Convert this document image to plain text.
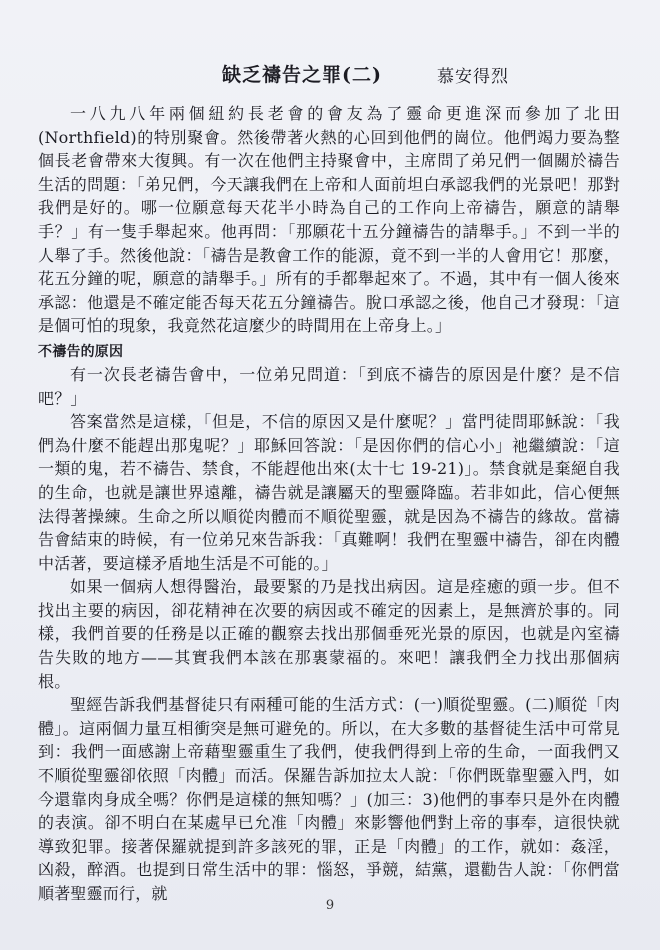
缺乏禱告之罪(二)	慕安得烈

一八九八年兩個紐約長老會的會友為了靈命更進深而參加了北田(Northfield)的特別聚會。然後帶著火熱的心回到他們的崗位。他們竭力要為整個長老會帶來大復興。有一次在他們主持聚會中，主席問了弟兄們一個關於禱告生活的問題：「弟兄們，今天讓我們在上帝和人面前坦白承認我們的光景吧！那對我們是好的。哪一位願意每天花半小時為自己的工作向上帝禱告，願意的請舉手？」有一隻手舉起來。他再問：「那願花十五分鐘禱告的請舉手。」不到一半的人舉了手。然後他說：「禱告是教會工作的能源，竟不到一半的人會用它！那麼，花五分鐘的呢，願意的請舉手。」所有的手都舉起來了。不過，其中有一個人後來承認：他還是不確定能否每天花五分鐘禱告。脫口承認之後，他自己才發現：「這是個可怕的現象，我竟然花這麼少的時間用在上帝身上。」

不禱告的原因

有一次長老禱告會中，一位弟兄問道：「到底不禱告的原因是什麼？是不信吧？」

答案當然是這樣，「但是，不信的原因又是什麼呢？」當門徒問耶穌說：「我們為什麼不能趕出那鬼呢？」耶穌回答說：「是因你們的信心小」祂繼續說：「這一類的鬼，若不禱告、禁食，不能趕他出來(太十七 19-21)」。禁食就是棄絕自我的生命，也就是讓世界遠離，禱告就是讓屬天的聖靈降臨。若非如此，信心便無法得著操練。生命之所以順從肉體而不順從聖靈，就是因為不禱告的緣故。當禱告會結束的時候，有一位弟兄來告訴我：「真難啊！我們在聖靈中禱告，卻在肉體中活著，要這樣矛盾地生活是不可能的。」

如果一個病人想得醫治，最要緊的乃是找出病因。這是痊癒的頭一步。但不找出主要的病因，卻花精神在次要的病因或不確定的因素上，是無濟於事的。同樣，我們首要的任務是以正確的觀察去找出那個垂死光景的原因，也就是內室禱告失敗的地方——其實我們本該在那裏蒙福的。來吧！讓我們全力找出那個病根。

聖經告訴我們基督徒只有兩種可能的生活方式：(一)順從聖靈。(二)順從「肉體」。這兩個力量互相衝突是無可避免的。所以，在大多數的基督徒生活中可常見到：我們一面感謝上帝藉聖靈重生了我們，使我們得到上帝的生命，一面我們又不順從聖靈卻依照「肉體」而活。保羅告訴加拉太人說：「你們既靠聖靈入門，如今還靠肉身成全嗎？你們是這樣的無知嗎？」(加三：3)他們的事奉只是外在肉體的表演。卻不明白在某處早已允准「肉體」來影響他們對上帝的事奉，這很快就導致犯罪。接著保羅就提到許多該死的罪，正是「肉體」的工作，就如：姦淫，凶殺，醉酒。也提到日常生活中的罪：惱怒，爭競，結黨，還勸告人說：「你們當順著聖靈而行，就

9
